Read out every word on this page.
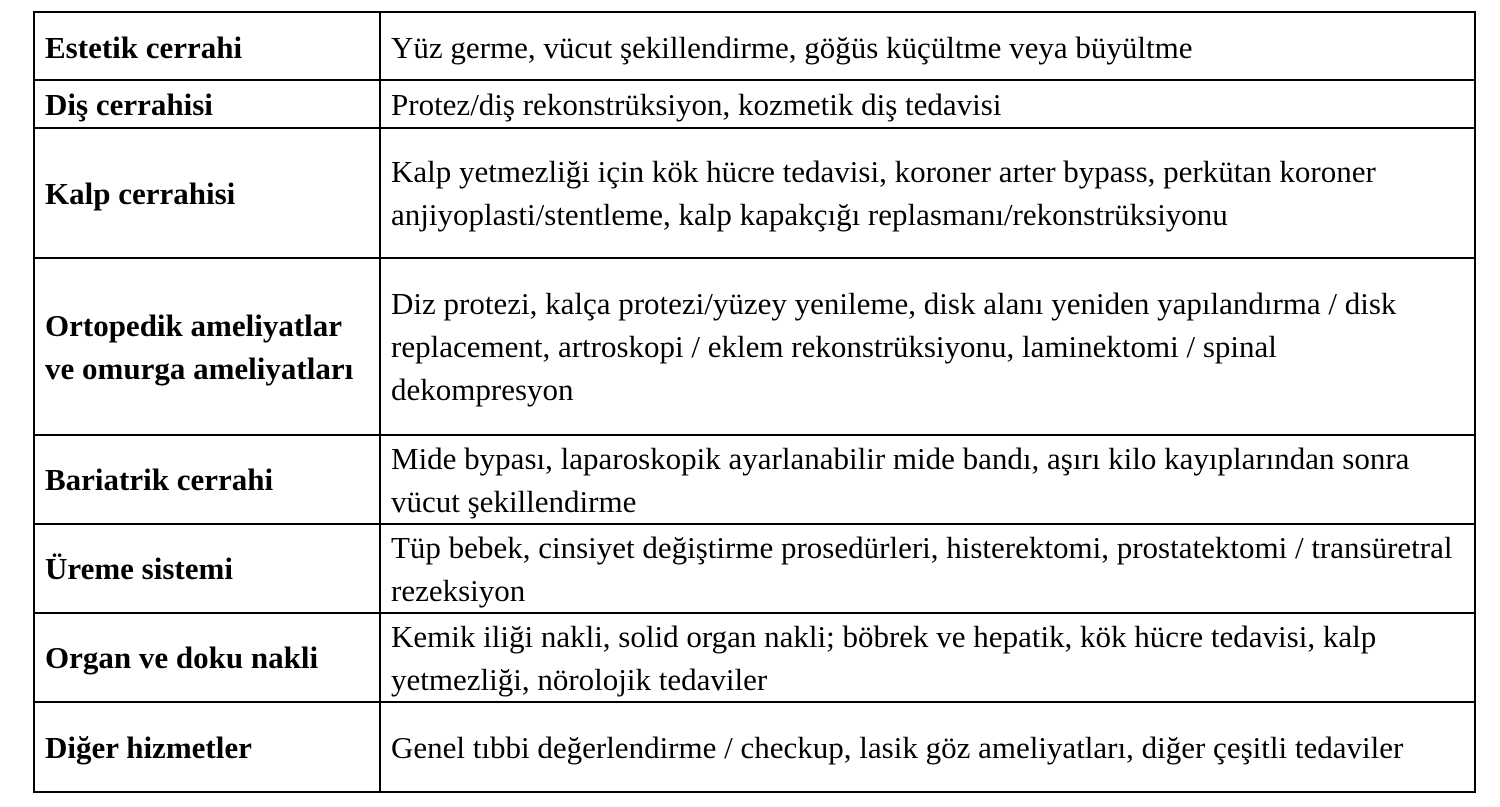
Estetik cerrahi	Yüz germe, vücut şekillendirme, göğüs küçültme veya büyültme
Diş cerrahisi	Protez/diş rekonstrüksiyon, kozmetik diş tedavisi
Kalp cerrahisi	Kalp yetmezliği için kök hücre tedavisi, koroner arter bypass, perkütan koroner anjiyoplasti/stentleme, kalp kapakçığı replasmanı/rekonstrüksiyonu
Ortopedik ameliyatlar ve omurga ameliyatları	Diz protezi, kalça protezi/yüzey yenileme, disk alanı yeniden yapılandırma / disk replacement, artroskopi / eklem rekonstrüksiyonu, laminektomi / spinal dekompresyon
Bariatrik cerrahi	Mide bypası, laparoskopik ayarlanabilir mide bandı, aşırı kilo kayıplarından sonra vücut şekillendirme
Üreme sistemi	Tüp bebek, cinsiyet değiştirme prosedürleri, histerektomi, prostatektomi / transüretral rezeksiyon
Organ ve doku nakli	Kemik iliği nakli, solid organ nakli; böbrek ve hepatik, kök hücre tedavisi, kalp yetmezliği, nörolojik tedaviler
Diğer hizmetler	Genel tıbbi değerlendirme / checkup, lasik göz ameliyatları, diğer çeşitli tedaviler
